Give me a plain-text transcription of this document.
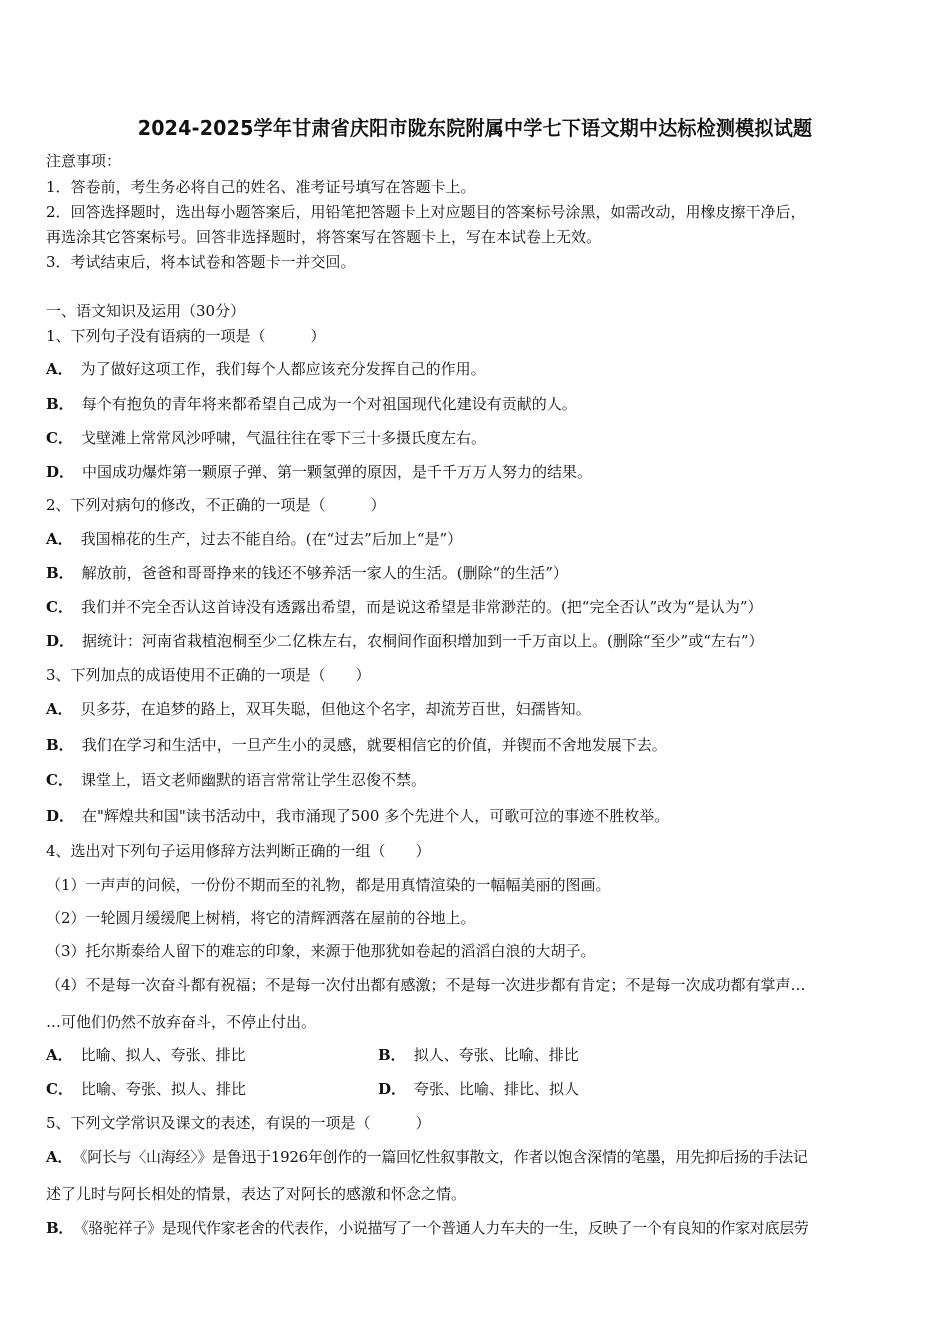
2024-2025学年甘肃省庆阳市陇东院附属中学七下语文期中达标检测模拟试题
注意事项：
1．答卷前，考生务必将自己的姓名、准考证号填写在答题卡上。
2．回答选择题时，选出每小题答案后，用铅笔把答题卡上对应题目的答案标号涂黑，如需改动，用橡皮擦干净后，
再选涂其它答案标号。回答非选择题时，将答案写在答题卡上，写在本试卷上无效。
3．考试结束后，将本试卷和答题卡一并交回。
一、语文知识及运用（30分）
1、下列句子没有语病的一项是（　　　）
A． 为了做好这项工作，我们每个人都应该充分发挥自己的作用。
B． 每个有抱负的青年将来都希望自己成为一个对祖国现代化建设有贡献的人。
C． 戈壁滩上常常风沙呼啸，气温往往在零下三十多摄氏度左右。
D． 中国成功爆炸第一颗原子弹、第一颗氢弹的原因，是千千万万人努力的结果。
2、下列对病句的修改，不正确的一项是（　　　）
A． 我国棉花的生产，过去不能自给。(在“过去”后加上“是”）
B． 解放前，爸爸和哥哥挣来的钱还不够养活一家人的生活。(删除“的生活”）
C． 我们并不完全否认这首诗没有透露出希望，而是说这希望是非常渺茫的。(把“完全否认”改为“是认为”）
D． 据统计：河南省栽植泡桐至少二亿株左右，农桐间作面积增加到一千万亩以上。(删除“至少”或“左右”）
3、下列加点的成语使用不正确的一项是（　　）
A． 贝多芬，在追梦的路上，双耳失聪，但他这个名字，却流芳百世，妇孺皆知。
B． 我们在学习和生活中，一旦产生小的灵感，就要相信它的价值，并锲而不舍地发展下去。
C． 课堂上，语文老师幽默的语言常常让学生忍俊不禁。
D． 在"辉煌共和国"读书活动中，我市涌现了500 多个先进个人，可歌可泣的事迹不胜枚举。
4、选出对下列句子运用修辞方法判断正确的一组（　　）
（1）一声声的问候，一份份不期而至的礼物，都是用真情渲染的一幅幅美丽的图画。
（2）一轮圆月缓缓爬上树梢，将它的清辉洒落在屋前的谷地上。
（3）托尔斯泰给人留下的难忘的印象，来源于他那犹如卷起的滔滔白浪的大胡子。
（4）不是每一次奋斗都有祝福；不是每一次付出都有感激；不是每一次进步都有肯定；不是每一次成功都有掌声…
…可他们仍然不放弃奋斗，不停止付出。
A． 比喻、拟人、夸张、排比	B． 拟人、夸张、比喻、排比
C． 比喻、夸张、拟人、排比	D． 夸张、比喻、排比、拟人
5、下列文学常识及课文的表述，有误的一项是（　　　）
A． 《阿长与〈山海经〉》是鲁迅于1926年创作的一篇回忆性叙事散文，作者以饱含深情的笔墨，用先抑后扬的手法记
述了儿时与阿长相处的情景，表达了对阿长的感激和怀念之情。
B． 《骆驼祥子》是现代作家老舍的代表作，小说描写了一个普通人力车夫的一生，反映了一个有良知的作家对底层劳
